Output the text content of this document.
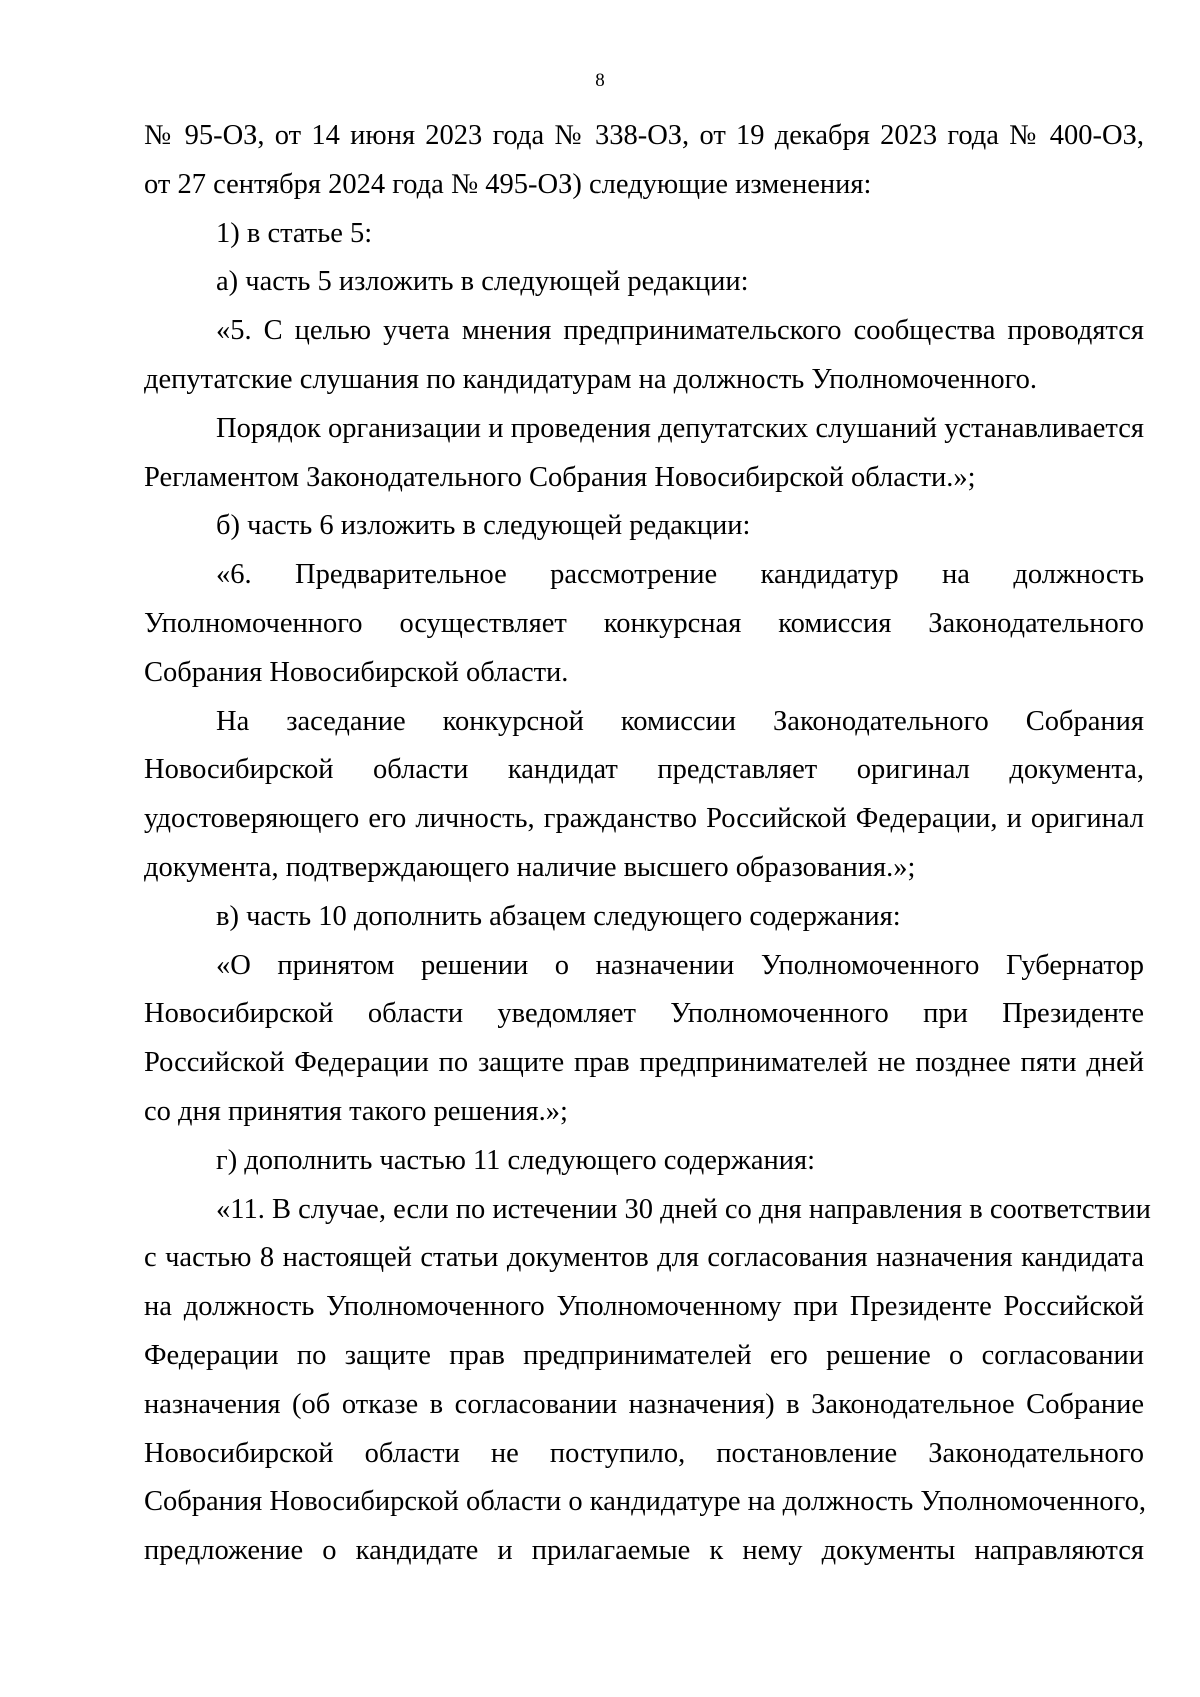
8

№ 95-ОЗ, от 14 июня 2023 года № 338-ОЗ, от 19 декабря 2023 года № 400-ОЗ,
от 27 сентября 2024 года № 495-ОЗ) следующие изменения:

1) в статье 5:

а) часть 5 изложить в следующей редакции:

«5. С целью учета мнения предпринимательского сообщества проводятся
депутатские слушания по кандидатурам на должность Уполномоченного.

Порядок организации и проведения депутатских слушаний устанавливается
Регламентом Законодательного Собрания Новосибирской области.»;

б) часть 6 изложить в следующей редакции:

«6. Предварительное рассмотрение кандидатур на должность
Уполномоченного осуществляет конкурсная комиссия Законодательного
Собрания Новосибирской области.

На заседание конкурсной комиссии Законодательного Собрания
Новосибирской области кандидат представляет оригинал документа,
удостоверяющего его личность, гражданство Российской Федерации, и оригинал
документа, подтверждающего наличие высшего образования.»;

в) часть 10 дополнить абзацем следующего содержания:

«О принятом решении о назначении Уполномоченного Губернатор
Новосибирской области уведомляет Уполномоченного при Президенте
Российской Федерации по защите прав предпринимателей не позднее пяти дней
со дня принятия такого решения.»;

г) дополнить частью 11 следующего содержания:

«11. В случае, если по истечении 30 дней со дня направления в соответствии
с частью 8 настоящей статьи документов для согласования назначения кандидата
на должность Уполномоченного Уполномоченному при Президенте Российской
Федерации по защите прав предпринимателей его решение о согласовании
назначения (об отказе в согласовании назначения) в Законодательное Собрание
Новосибирской области не поступило, постановление Законодательного
Собрания Новосибирской области о кандидатуре на должность Уполномоченного,
предложение о кандидате и прилагаемые к нему документы направляются
